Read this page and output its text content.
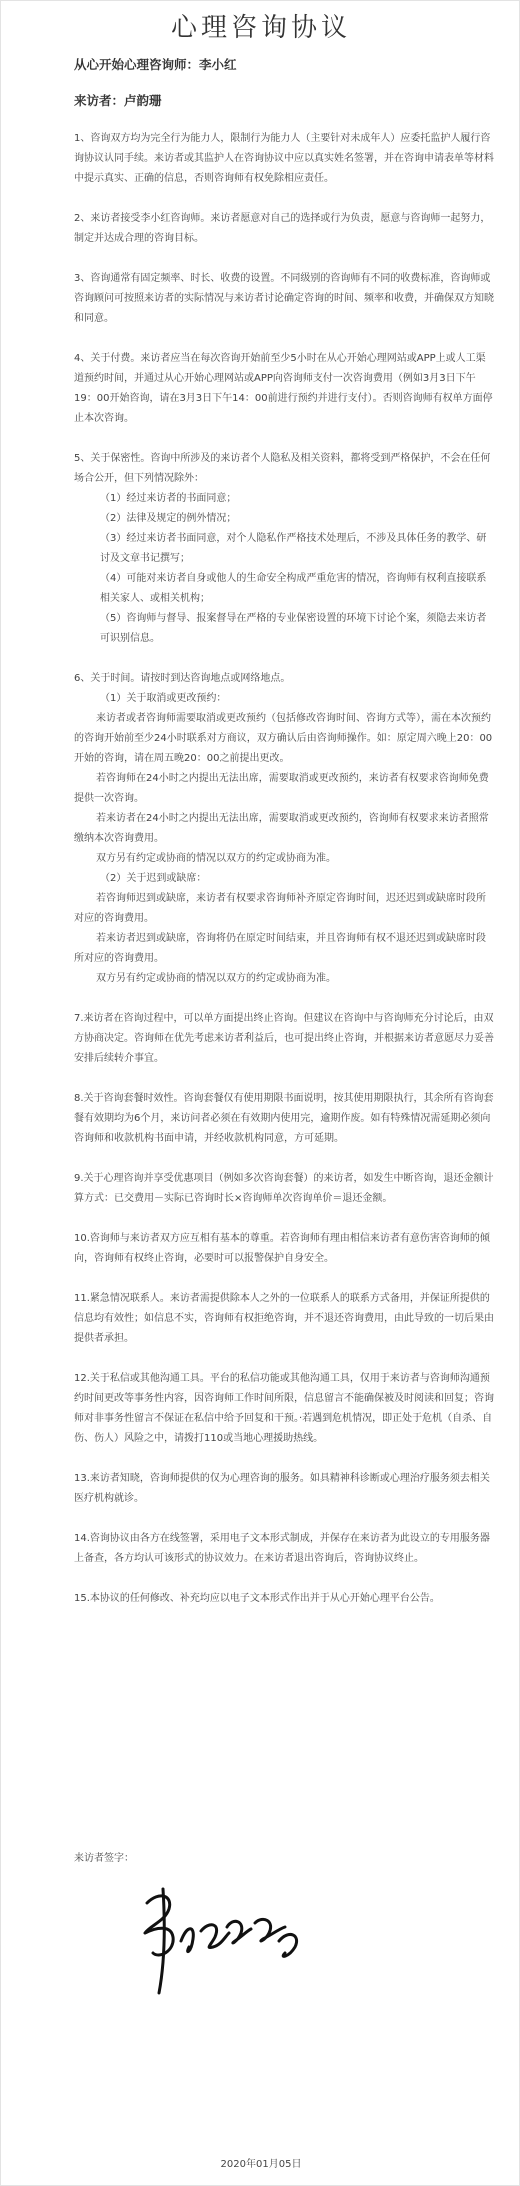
心理咨询协议
从心开始心理咨询师：李小红
来访者：卢韵珊

1、咨询双方均为完全行为能力人，限制行为能力人（主要针对未成年人）应委托监护人履行咨询协议认同手续。来访者或其监护人在咨询协议中应以真实姓名签署，并在咨询申请表单等材料中提示真实、正确的信息，否则咨询师有权免除相应责任。

2、来访者接受李小红咨询师。来访者愿意对自己的选择或行为负责，愿意与咨询师一起努力，制定并达成合理的咨询目标。

3、咨询通常有固定频率、时长、收费的设置。不同级别的咨询师有不同的收费标准，咨询师或咨询顾问可按照来访者的实际情况与来访者讨论确定咨询的时间、频率和收费，并确保双方知晓和同意。

4、关于付费。来访者应当在每次咨询开始前至少5小时在从心开始心理网站或APP上或人工渠道预约时间，并通过从心开始心理网站或APP向咨询师支付一次咨询费用（例如3月3日下午19：00开始咨询，请在3月3日下午14：00前进行预约并进行支付）。否则咨询师有权单方面停止本次咨询。

5、关于保密性。咨询中所涉及的来访者个人隐私及相关资料，都将受到严格保护，不会在任何场合公开，但下列情况除外：

（1）经过来访者的书面同意；

（2）法律及规定的例外情况；

（3）经过来访者书面同意，对个人隐私作严格技术处理后，不涉及具体任务的教学、研讨及文章书记撰写；

（4）可能对来访者自身或他人的生命安全构成严重危害的情况，咨询师有权利直接联系相关家人、或相关机构；

（5）咨询师与督导、报案督导在严格的专业保密设置的环境下讨论个案，须隐去来访者可识别信息。

6、关于时间。请按时到达咨询地点或网络地点。

（1）关于取消或更改预约：

来访者或者咨询师需要取消或更改预约（包括修改咨询时间、咨询方式等），需在本次预约的咨询开始前至少24小时联系对方商议，双方确认后由咨询师操作。如：原定周六晚上20：00开始的咨询，请在周五晚20：00之前提出更改。

若咨询师在24小时之内提出无法出席，需要取消或更改预约，来访者有权要求咨询师免费提供一次咨询。

若来访者在24小时之内提出无法出席，需要取消或更改预约，咨询师有权要求来访者照常缴纳本次咨询费用。

双方另有约定或协商的情况以双方的约定或协商为准。

（2）关于迟到或缺席：

若咨询师迟到或缺席，来访者有权要求咨询师补齐原定咨询时间，迟还迟到或缺席时段所对应的咨询费用。

若来访者迟到或缺席，咨询将仍在原定时间结束，并且咨询师有权不退还迟到或缺席时段所对应的咨询费用。

双方另有约定或协商的情况以双方的约定或协商为准。

7.来访者在咨询过程中，可以单方面提出终止咨询。但建议在咨询中与咨询师充分讨论后，由双方协商决定。咨询师在优先考虑来访者利益后，也可提出终止咨询，并根据来访者意愿尽力妥善安排后续转介事宜。

8.关于咨询套餐时效性。咨询套餐仅有使用期限书面说明，按其使用期限执行，其余所有咨询套餐有效期均为6个月，来访问者必须在有效期内使用完，逾期作废。如有特殊情况需延期必须向咨询师和收款机构书面申请，并经收款机构同意，方可延期。

9.关于心理咨询并享受优惠项目（例如多次咨询套餐）的来访者，如发生中断咨询，退还金额计算方式：已交费用－实际已咨询时长×咨询师单次咨询单价＝退还金额。

10.咨询师与来访者双方应互相有基本的尊重。若咨询师有理由相信来访者有意伤害咨询师的倾向，咨询师有权终止咨询，必要时可以报警保护自身安全。

11.紧急情况联系人。来访者需提供除本人之外的一位联系人的联系方式备用，并保证所提供的信息均有效性；如信息不实，咨询师有权拒绝咨询，并不退还咨询费用，由此导致的一切后果由提供者承担。

12.关于私信或其他沟通工具。平台的私信功能或其他沟通工具，仅用于来访者与咨询师沟通预约时间更改等事务性内容，因咨询师工作时间所限，信息留言不能确保被及时阅读和回复；咨询师对非事务性留言不保证在私信中给予回复和干预。·若遇到危机情况，即正处于危机（自杀、自伤、伤人）风险之中，请拨打110或当地心理援助热线。

13.来访者知晓，咨询师提供的仅为心理咨询的服务。如具精神科诊断或心理治疗服务须去相关医疗机构就诊。

14.咨询协议由各方在线签署，采用电子文本形式制成，并保存在来访者为此设立的专用服务器上备查，各方均认可该形式的协议效力。在来访者退出咨询后，咨询协议终止。

15.本协议的任何修改、补充均应以电子文本形式作出并于从心开始心理平台公告。

来访者签字：
2020年01月05日
